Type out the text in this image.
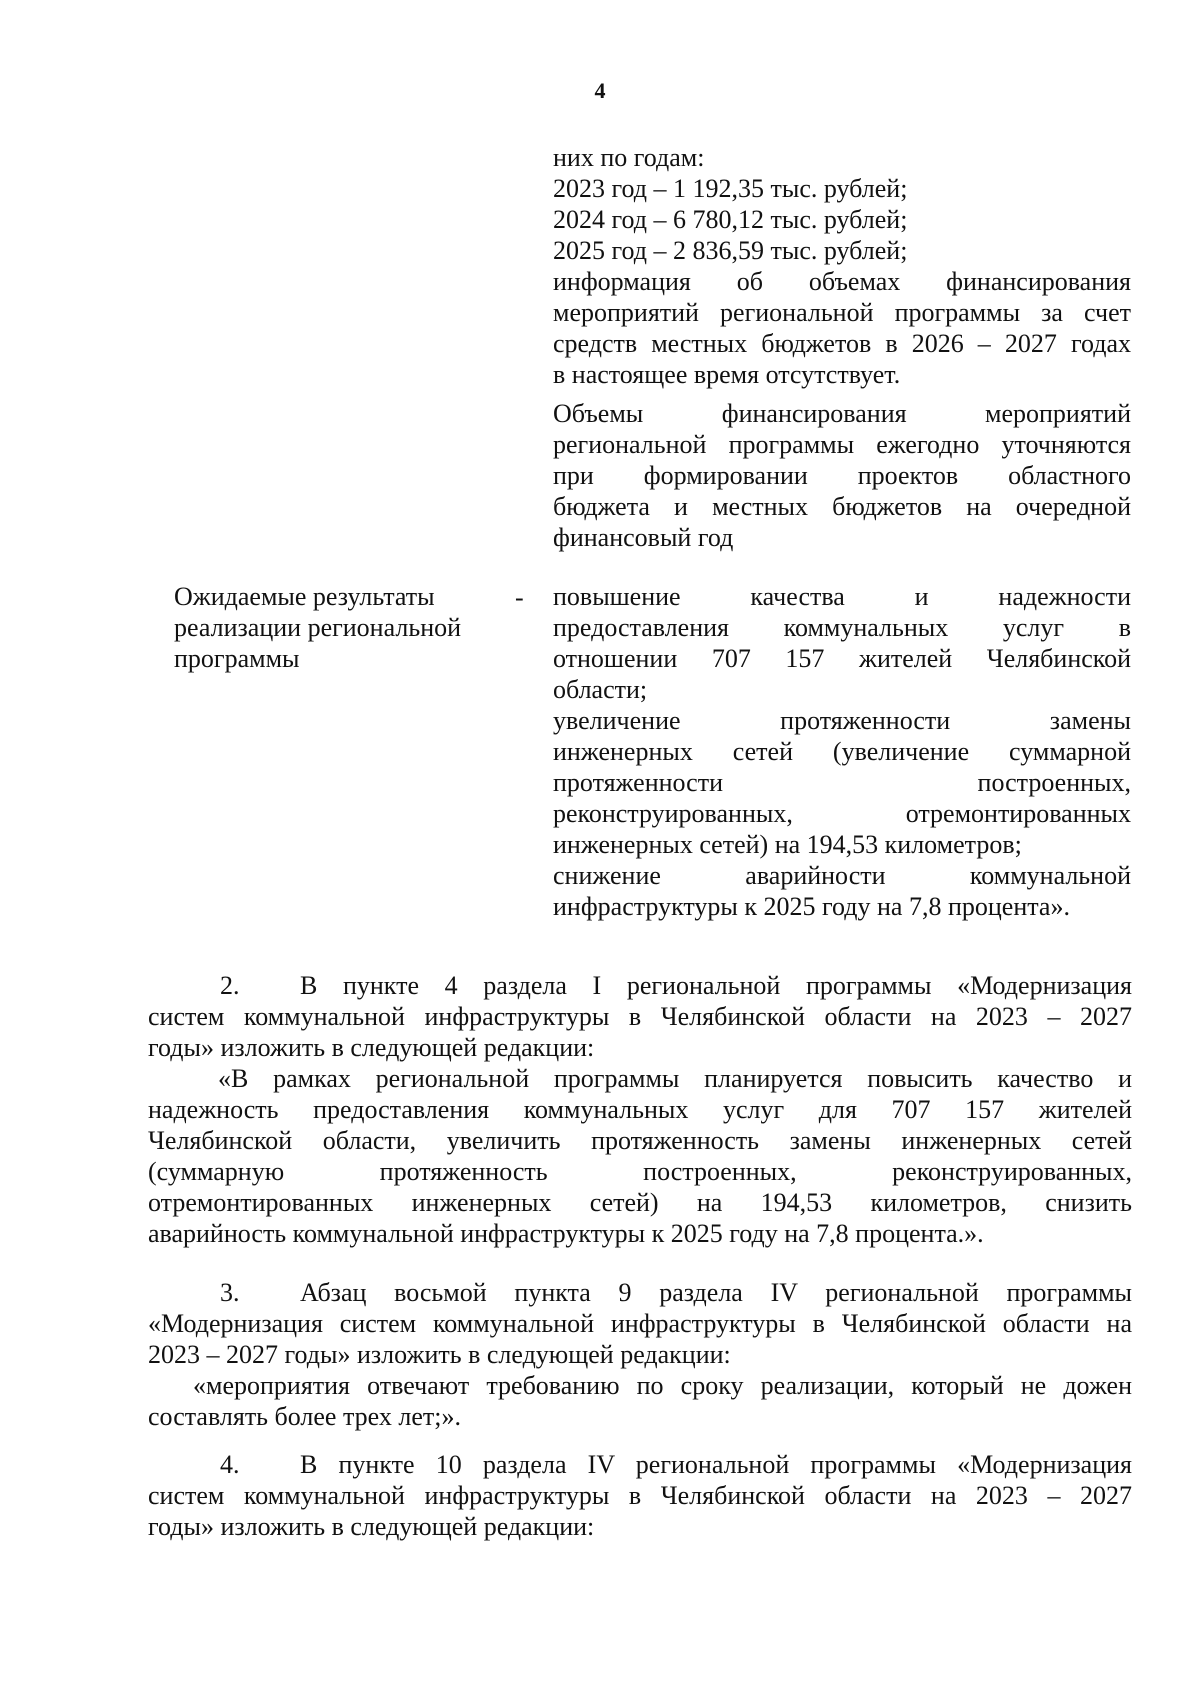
4
них по годам:
2023 год – 1 192,35 тыс. рублей;
2024 год – 6 780,12 тыс. рублей;
2025 год – 2 836,59 тыс. рублей;
информация об объемах финансирования
мероприятий региональной программы за счет
средств местных бюджетов в 2026 – 2027 годах
в настоящее время отсутствует.
Объемы финансирования мероприятий
региональной программы ежегодно уточняются
при формировании проектов областного
бюджета и местных бюджетов на очередной
финансовый год
Ожидаемые результаты
реализации региональной
программы
- повышение качества и надежности
предоставления коммунальных услуг в
отношении 707 157 жителей Челябинской
области;
увеличение протяженности замены
инженерных сетей (увеличение суммарной
протяженности построенных,
реконструированных, отремонтированных
инженерных сетей) на 194,53 километров;
снижение аварийности коммунальной
инфраструктуры к 2025 году на 7,8 процента».
2. В пункте 4 раздела I региональной программы «Модернизация
систем коммунальной инфраструктуры в Челябинской области на 2023 – 2027
годы» изложить в следующей редакции:
«В рамках региональной программы планируется повысить качество и
надежность предоставления коммунальных услуг для 707 157 жителей
Челябинской области, увеличить протяженность замены инженерных сетей
(суммарную протяженность построенных, реконструированных,
отремонтированных инженерных сетей) на 194,53 километров, снизить
аварийность коммунальной инфраструктуры к 2025 году на 7,8 процента.».
3. Абзац восьмой пункта 9 раздела IV региональной программы
«Модернизация систем коммунальной инфраструктуры в Челябинской области на
2023 – 2027 годы» изложить в следующей редакции:
«мероприятия отвечают требованию по сроку реализации, который не дожен
составлять более трех лет;».
4. В пункте 10 раздела IV региональной программы «Модернизация
систем коммунальной инфраструктуры в Челябинской области на 2023 – 2027
годы» изложить в следующей редакции:
